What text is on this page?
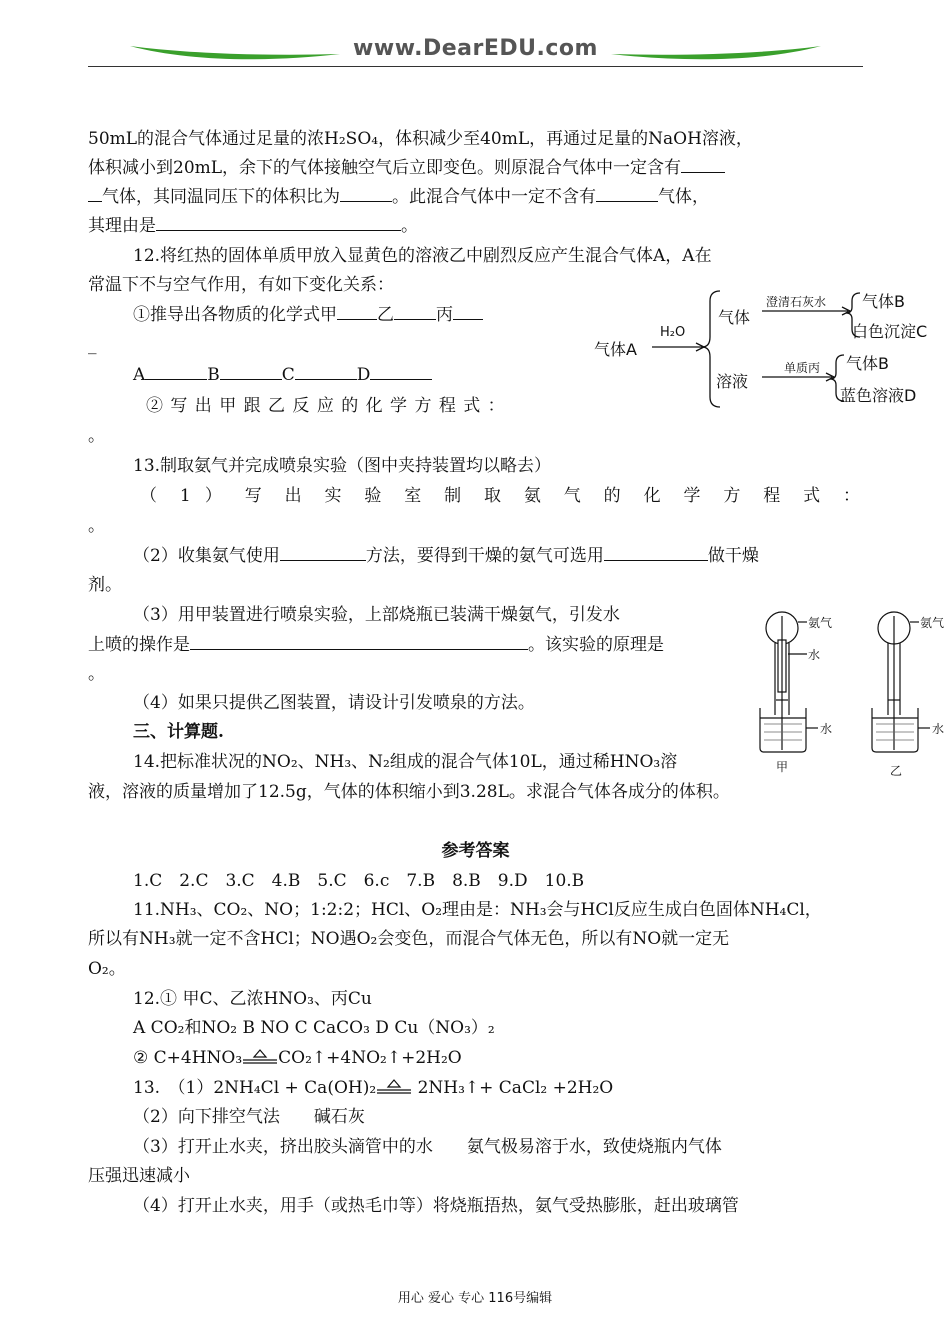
www.DearEDU.com
50mL的混合气体通过足量的浓H₂SO₄，体积减少至40mL，再通过足量的NaOH溶液，
体积减小到20mL，余下的气体接触空气后立即变色。则原混合气体中一定含有
气体，其同温同压下的体积比为	。此混合气体中一定不含有	气体，
其理由是	。
12.将红热的固体单质甲放入显黄色的溶液乙中剧烈反应产生混合气体A，A在
常温下不与空气作用，有如下变化关系：
①推导出各物质的化学式甲 乙 丙
_
A	B	C	D
② 写 出 甲 跟 乙 反 应 的 化 学 方 程 式 ：
。
气体A
H₂O
气体
溶液
澄清石灰水 气体B
白色沉淀C
单质丙 气体B
蓝色溶液D
13.制取氨气并完成喷泉实验（图中夹持装置均以略去）
（ 1 ） 写 出 实 验 室 制 取 氨 气 的 化 学 方 程 式 ：
。
（2）收集氨气使用	方法，要得到干燥的氨气可选用	做干燥
剂。
（3）用甲装置进行喷泉实验，上部烧瓶已装满干燥氨气，引发水
上喷的操作是	。该实验的原理是
。
（4）如果只提供乙图装置，请设计引发喷泉的方法。
氨气
水
水
甲
氨气
水
乙
三、计算题.
14.把标准状况的NO₂、NH₃、N₂组成的混合气体10L，通过稀HNO₃溶
液，溶液的质量增加了12.5g，气体的体积缩小到3.28L。求混合气体各成分的体积。
参考答案
1.C　2.C　3.C　4.B　5.C　6.c　7.B　8.B　9.D　10.B
11.NH₃、CO₂、NO；1:2:2；HCl、O₂理由是：NH₃会与HCl反应生成白色固体NH₄Cl，
所以有NH₃就一定不含HCl；NO遇O₂会变色，而混合气体无色，所以有NO就一定无
O₂。
12.① 甲C、乙浓HNO₃、丙Cu
A CO₂和NO₂ B NO C CaCO₃ D Cu（NO₃）₂
② C+4HNO₃ CO₂↑+4NO₂↑+2H₂O
13.　（1）2NH₄Cl + Ca(OH)₂ 2NH₃↑+ CaCl₂ +2H₂O
（2）向下排空气法　　碱石灰
（3）打开止水夹，挤出胶头滴管中的水　　氨气极易溶于水，致使烧瓶内气体
压强迅速减小
（4）打开止水夹，用手（或热毛巾等）将烧瓶捂热，氨气受热膨胀，赶出玻璃管
用心 爱心 专心 116号编辑
